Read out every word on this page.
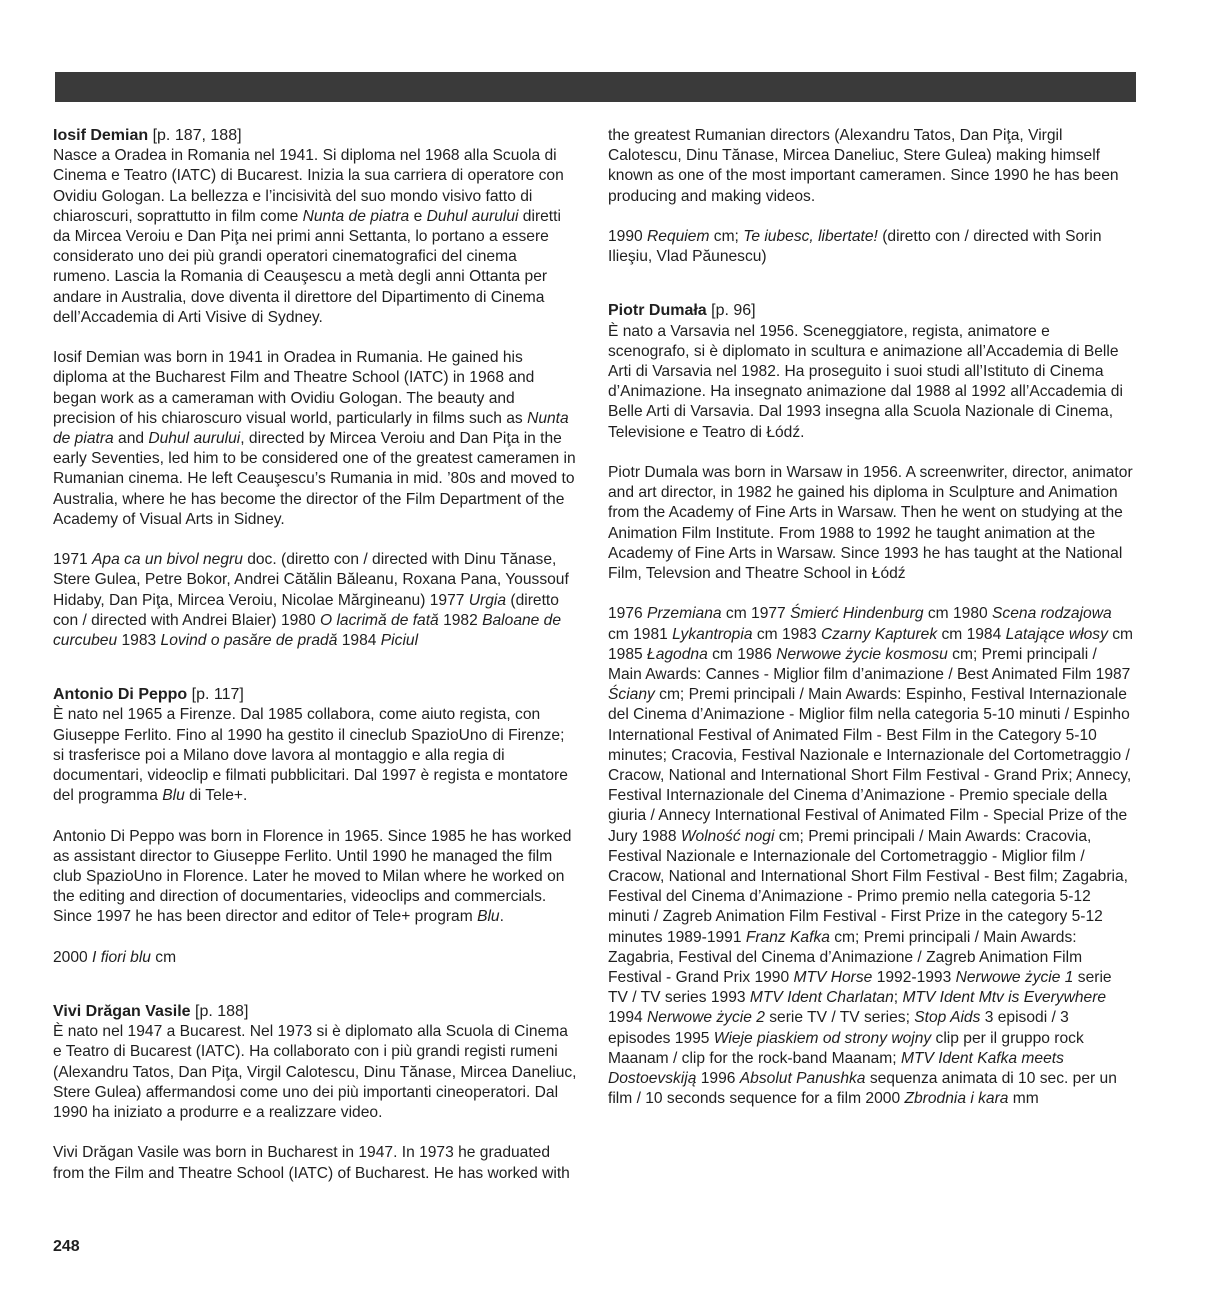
Iosif Demian [p. 187, 188]

Nasce a Oradea in Romania nel 1941. Si diploma nel 1968 alla Scuola di Cinema e Teatro (IATC) di Bucarest. Inizia la sua carriera di operatore con Ovidiu Gologan. La bellezza e l’incisività del suo mondo visivo fatto di chiaroscuri, soprattutto in film come Nunta de piatra e Duhul aurului diretti da Mircea Veroiu e Dan Piţa nei primi anni Settanta, lo portano a essere considerato uno dei più grandi operatori cinematografici del cinema rumeno. Lascia la Romania di Ceauşescu a metà degli anni Ottanta per andare in Australia, dove diventa il direttore del Dipartimento di Cinema dell’Accademia di Arti Visive di Sydney.

Iosif Demian was born in 1941 in Oradea in Rumania. He gained his diploma at the Bucharest Film and Theatre School (IATC) in 1968 and began work as a cameraman with Ovidiu Gologan. The beauty and precision of his chiaroscuro visual world, particularly in films such as Nunta de piatra and Duhul aurului, directed by Mircea Veroiu and Dan Piţa in the early Seventies, led him to be considered one of the greatest cameramen in Rumanian cinema. He left Ceauşescu’s Rumania in mid. ’80s and moved to Australia, where he has become the director of the Film Department of the Academy of Visual Arts in Sidney.

1971 Apa ca un bivol negru doc. (diretto con / directed with Dinu Tănase, Stere Gulea, Petre Bokor, Andrei Cătălin Băleanu, Roxana Pana, Youssouf Hidaby, Dan Piţa, Mircea Veroiu, Nicolae Mărgineanu) 1977 Urgia (diretto con / directed with Andrei Blaier) 1980 O lacrimă de fată 1982 Baloane de curcubeu 1983 Lovind o pasăre de pradă 1984 Piciul

Antonio Di Peppo [p. 117]

È nato nel 1965 a Firenze. Dal 1985 collabora, come aiuto regista, con Giuseppe Ferlito. Fino al 1990 ha gestito il cineclub SpazioUno di Firenze; si trasferisce poi a Milano dove lavora al montaggio e alla regia di documentari, videoclip e filmati pubblicitari. Dal 1997 è regista e montatore del programma Blu di Tele+.

Antonio Di Peppo was born in Florence in 1965. Since 1985 he has worked as assistant director to Giuseppe Ferlito. Until 1990 he managed the film club SpazioUno in Florence. Later he moved to Milan where he worked on the editing and direction of documentaries, videoclips and commercials. Since 1997 he has been director and editor of Tele+ program Blu.

2000 I fiori blu cm

Vivi Drăgan Vasile [p. 188]

È nato nel 1947 a Bucarest. Nel 1973 si è diplomato alla Scuola di Cinema e Teatro di Bucarest (IATC). Ha collaborato con i più grandi registi rumeni (Alexandru Tatos, Dan Piţa, Virgil Calotescu, Dinu Tănase, Mircea Daneliuc, Stere Gulea) affermandosi come uno dei più importanti cineoperatori. Dal 1990 ha iniziato a produrre e a realizzare video.

Vivi Drăgan Vasile was born in Bucharest in 1947. In 1973 he graduated from the Film and Theatre School (IATC) of Bucharest. He has worked with

the greatest Rumanian directors (Alexandru Tatos, Dan Piţa, Virgil Calotescu, Dinu Tănase, Mircea Daneliuc, Stere Gulea) making himself known as one of the most important cameramen. Since 1990 he has been producing and making videos.

1990 Requiem cm; Te iubesc, libertate! (diretto con / directed with Sorin Ilieşiu, Vlad Păunescu)

Piotr Dumała [p. 96]

È nato a Varsavia nel 1956. Sceneggiatore, regista, animatore e scenografo, si è diplomato in scultura e animazione all’Accademia di Belle Arti di Varsavia nel 1982. Ha proseguito i suoi studi all’Istituto di Cinema d’Animazione. Ha insegnato animazione dal 1988 al 1992 all’Accademia di Belle Arti di Varsavia. Dal 1993 insegna alla Scuola Nazionale di Cinema, Televisione e Teatro di Łódź.

Piotr Dumala was born in Warsaw in 1956. A screenwriter, director, animator and art director, in 1982 he gained his diploma in Sculpture and Animation from the Academy of Fine Arts in Warsaw. Then he went on studying at the Animation Film Institute. From 1988 to 1992 he taught animation at the Academy of Fine Arts in Warsaw. Since 1993 he has taught at the National Film, Televsion and Theatre School in Łódź

1976 Przemiana cm 1977 Śmierć Hindenburg cm 1980 Scena rodzajowa cm 1981 Lykantropia cm 1983 Czarny Kapturek cm 1984 Latające włosy cm 1985 Łagodna cm 1986 Nerwowe życie kosmosu cm; Premi principali / Main Awards: Cannes - Miglior film d’animazione / Best Animated Film 1987 Ściany cm; Premi principali / Main Awards: Espinho, Festival Internazionale del Cinema d’Animazione - Miglior film nella categoria 5-10 minuti / Espinho International Festival of Animated Film - Best Film in the Category 5-10 minutes; Cracovia, Festival Nazionale e Internazionale del Cortometraggio / Cracow, National and International Short Film Festival - Grand Prix; Annecy, Festival Internazionale del Cinema d’Animazione - Premio speciale della giuria / Annecy International Festival of Animated Film - Special Prize of the Jury 1988 Wolność nogi cm; Premi principali / Main Awards: Cracovia, Festival Nazionale e Internazionale del Cortometraggio - Miglior film / Cracow, National and International Short Film Festival - Best film; Zagabria, Festival del Cinema d’Animazione - Primo premio nella categoria 5-12 minuti / Zagreb Animation Film Festival - First Prize in the category 5-12 minutes 1989-1991 Franz Kafka cm; Premi principali / Main Awards: Zagabria, Festival del Cinema d’Animazione / Zagreb Animation Film Festival - Grand Prix 1990 MTV Horse 1992-1993 Nerwowe życie 1 serie TV / TV series 1993 MTV Ident Charlatan; MTV Ident Mtv is Everywhere 1994 Nerwowe życie 2 serie TV / TV series; Stop Aids 3 episodi / 3 episodes 1995 Wieje piaskiem od strony wojny clip per il gruppo rock Maanam / clip for the rock-band Maanam; MTV Ident Kafka meets Dostoevskiją 1996 Absolut Panushka sequenza animata di 10 sec. per un film / 10 seconds sequence for a film 2000 Zbrodnia i kara mm

248
